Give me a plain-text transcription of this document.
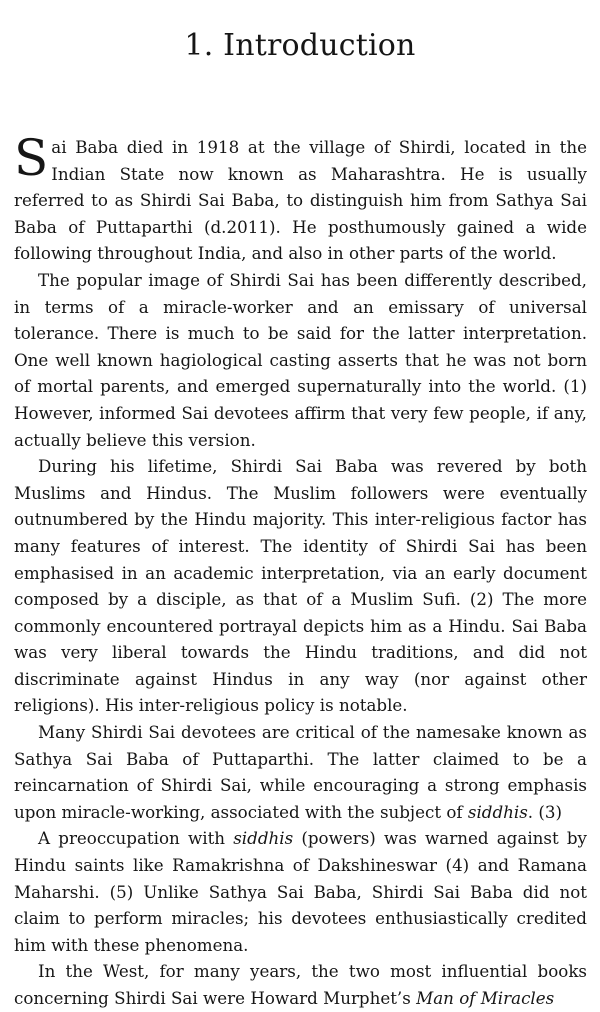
1. Introduction

Sai Baba died in 1918 at the village of Shirdi, located in the Indian State now known as Maharashtra. He is usually referred to as Shirdi Sai Baba, to distinguish him from Sathya Sai Baba of Puttaparthi (d.2011). He posthumously gained a wide following throughout India, and also in other parts of the world.

The popular image of Shirdi Sai has been differently described, in terms of a miracle-worker and an emissary of universal tolerance. There is much to be said for the latter interpretation. One well known hagiological casting asserts that he was not born of mortal parents, and emerged supernaturally into the world. (1) However, informed Sai devotees affirm that very few people, if any, actually believe this version.

During his lifetime, Shirdi Sai Baba was revered by both Muslims and Hindus. The Muslim followers were eventually outnumbered by the Hindu majority. This inter-religious factor has many features of interest. The identity of Shirdi Sai has been emphasised in an academic interpretation, via an early document composed by a disciple, as that of a Muslim Sufi. (2) The more commonly encountered portrayal depicts him as a Hindu. Sai Baba was very liberal towards the Hindu traditions, and did not discriminate against Hindus in any way (nor against other religions). His inter-religious policy is notable.

Many Shirdi Sai devotees are critical of the namesake known as Sathya Sai Baba of Puttaparthi. The latter claimed to be a reincarnation of Shirdi Sai, while encouraging a strong emphasis upon miracle-working, associated with the subject of siddhis. (3)

A preoccupation with siddhis (powers) was warned against by Hindu saints like Ramakrishna of Dakshineswar (4) and Ramana Maharshi. (5) Unlike Sathya Sai Baba, Shirdi Sai Baba did not claim to perform miracles; his devotees enthusiastically credited him with these phenomena.

In the West, for many years, the two most influential books concerning Shirdi Sai were Howard Murphet’s Man of Miracles
